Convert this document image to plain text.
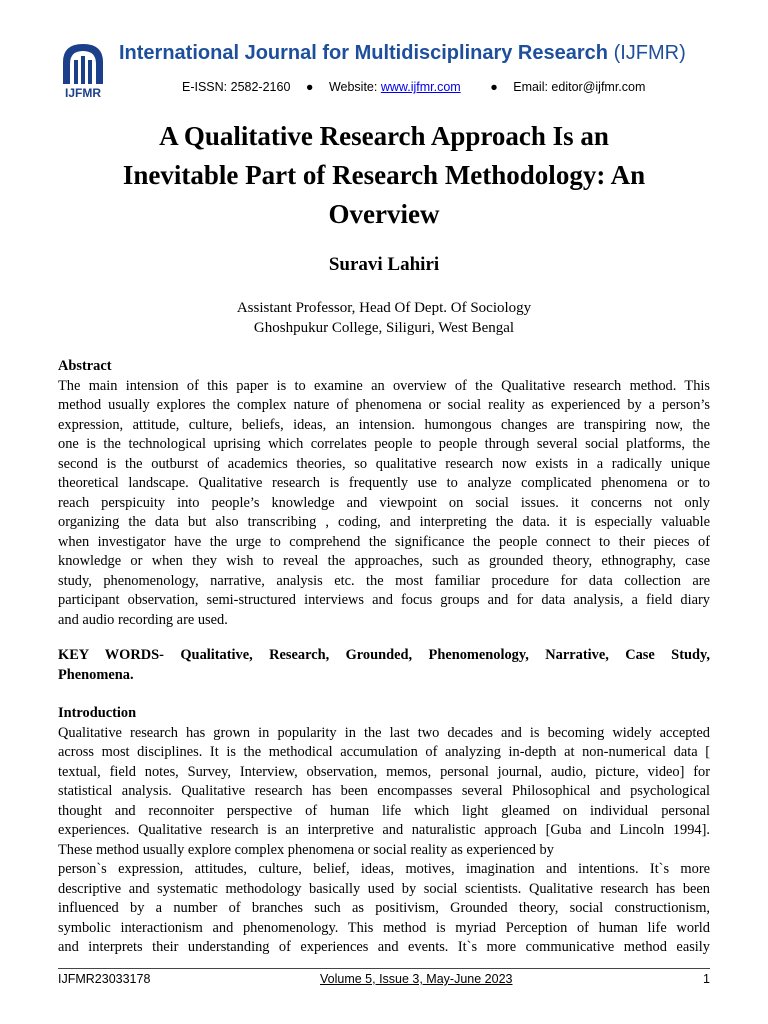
IJFMR
International Journal for Multidisciplinary Research (IJFMR)
E-ISSN: 2582-2160 ● Website: www.ijfmr.com ● Email: editor@ijfmr.com
A Qualitative Research Approach Is an
Inevitable Part of Research Methodology: An
Overview
Suravi Lahiri
Assistant Professor, Head Of Dept. Of Sociology
Ghoshpukur College, Siliguri, West Bengal
Abstract
The main intension of this paper is to examine an overview of the Qualitative research method. This
method usually explores the complex nature of phenomena or social reality as experienced by a person’s
expression, attitude, culture, beliefs, ideas, an intension. humongous changes are transpiring now, the
one is the technological uprising which correlates people to people through several social platforms, the
second is the outburst of academics theories, so qualitative research now exists in a radically unique
theoretical landscape. Qualitative research is frequently use to analyze complicated phenomena or to
reach perspicuity into people’s knowledge and viewpoint on social issues. it concerns not only
organizing the data but also transcribing , coding, and interpreting the data. it is especially valuable
when investigator have the urge to comprehend the significance the people connect to their pieces of
knowledge or when they wish to reveal the approaches, such as grounded theory, ethnography, case
study, phenomenology, narrative, analysis etc. the most familiar procedure for data collection are
participant observation, semi-structured interviews and focus groups and for data analysis, a field diary
and audio recording are used.
KEY WORDS- Qualitative, Research, Grounded, Phenomenology, Narrative, Case Study,
Phenomena.
Introduction
Qualitative research has grown in popularity in the last two decades and is becoming widely accepted
across most disciplines. It is the methodical accumulation of analyzing in-depth at non-numerical data [
textual, field notes, Survey, Interview, observation, memos, personal journal, audio, picture, video] for
statistical analysis. Qualitative research has been encompasses several Philosophical and psychological
thought and reconnoiter perspective of human life which light gleamed on individual personal
experiences. Qualitative research is an interpretive and naturalistic approach [Guba and Lincoln 1994].
These method usually explore complex phenomena or social reality as experienced by
person`s expression, attitudes, culture, belief, ideas, motives, imagination and intentions. It`s more
descriptive and systematic methodology basically used by social scientists. Qualitative research has been
influenced by a number of branches such as positivism, Grounded theory, social constructionism,
symbolic interactionism and phenomenology. This method is myriad Perception of human life world
and interprets their understanding of experiences and events. It`s more communicative method easily
IJFMR23033178	Volume 5, Issue 3, May-June 2023	1
